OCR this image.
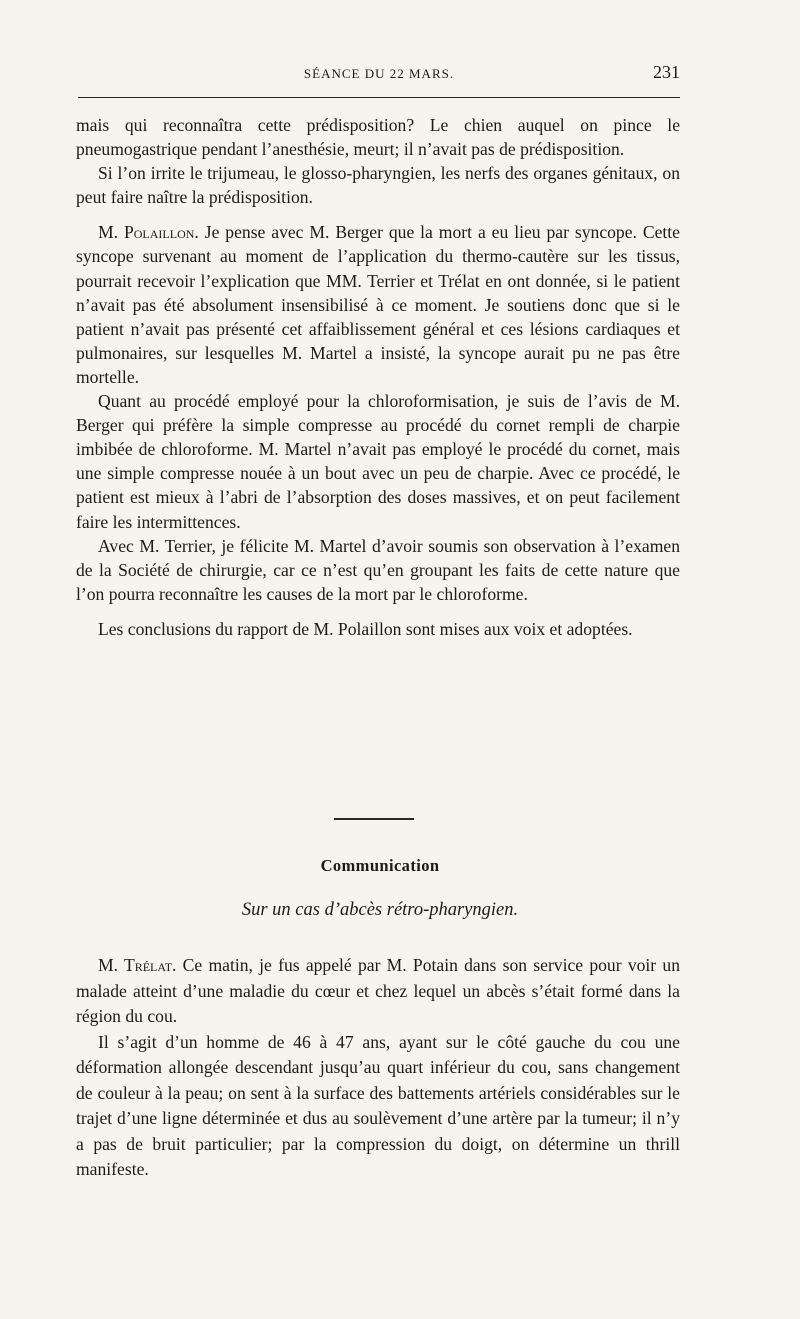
SÉANCE DU 22 MARS.	231

mais qui reconnaîtra cette prédisposition? Le chien auquel on pince le pneumogastrique pendant l’anesthésie, meurt; il n’avait pas de prédisposition.

Si l’on irrite le trijumeau, le glosso-pharyngien, les nerfs des organes génitaux, on peut faire naître la prédisposition.

M. Polaillon. Je pense avec M. Berger que la mort a eu lieu par syncope. Cette syncope survenant au moment de l’application du thermo-cautère sur les tissus, pourrait recevoir l’explication que MM. Terrier et Trélat en ont donnée, si le patient n’avait pas été absolument insensibilisé à ce moment. Je soutiens donc que si le patient n’avait pas présenté cet affaiblissement général et ces lésions cardiaques et pulmonaires, sur lesquelles M. Martel a insisté, la syncope aurait pu ne pas être mortelle.

Quant au procédé employé pour la chloroformisation, je suis de l’avis de M. Berger qui préfère la simple compresse au procédé du cornet rempli de charpie imbibée de chloroforme. M. Martel n’avait pas employé le procédé du cornet, mais une simple compresse nouée à un bout avec un peu de charpie. Avec ce procédé, le patient est mieux à l’abri de l’absorption des doses massives, et on peut facilement faire les intermittences.

Avec M. Terrier, je félicite M. Martel d’avoir soumis son observation à l’examen de la Société de chirurgie, car ce n’est qu’en groupant les faits de cette nature que l’on pourra reconnaître les causes de la mort par le chloroforme.

Les conclusions du rapport de M. Polaillon sont mises aux voix et adoptées.

Communication
Sur un cas d’abcès rétro-pharyngien.

M. Trélat. Ce matin, je fus appelé par M. Potain dans son service pour voir un malade atteint d’une maladie du cœur et chez lequel un abcès s’était formé dans la région du cou.

Il s’agit d’un homme de 46 à 47 ans, ayant sur le côté gauche du cou une déformation allongée descendant jusqu’au quart inférieur du cou, sans changement de couleur à la peau; on sent à la surface des battements artériels considérables sur le trajet d’une ligne déterminée et dus au soulèvement d’une artère par la tumeur; il n’y a pas de bruit particulier; par la compression du doigt, on détermine un thrill manifeste.
